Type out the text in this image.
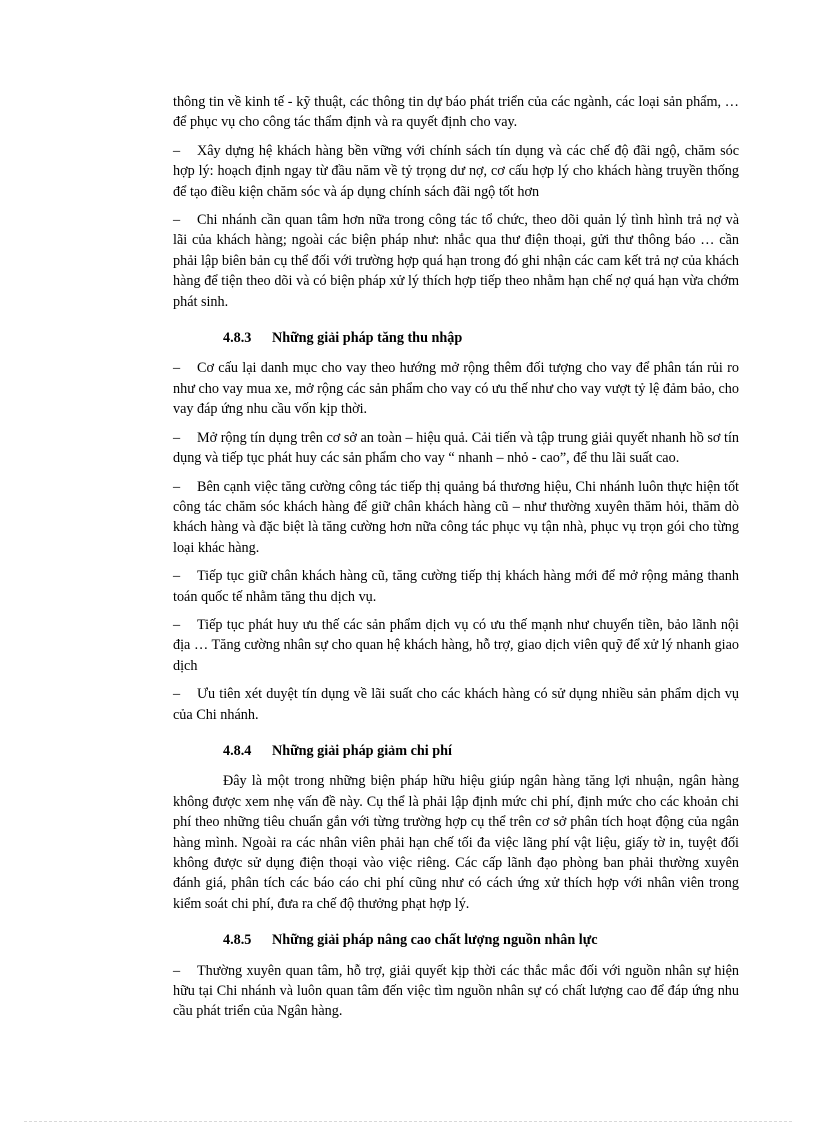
thông tin về kinh tế - kỹ thuật, các thông tin dự báo phát triển của các ngành, các loại sản phẩm, … để phục vụ cho công tác thẩm định và ra quyết định cho vay.

– Xây dựng hệ khách hàng bền vững với chính sách tín dụng và các chế độ đãi ngộ, chăm sóc hợp lý: hoạch định ngay từ đầu năm về tỷ trọng dư nợ, cơ cấu hợp lý cho khách hàng truyền thống để tạo điều kiện chăm sóc và áp dụng chính sách đãi ngộ tốt hơn

– Chi nhánh cần quan tâm hơn nữa trong công tác tổ chức, theo dõi quản lý tình hình trả nợ và lãi của khách hàng; ngoài các biện pháp như: nhắc qua thư điện thoại, gửi thư thông báo … cần phải lập biên bản cụ thể đối với trường hợp quá hạn trong đó ghi nhận các cam kết trả nợ của khách hàng để tiện theo dõi và có biện pháp xử lý thích hợp tiếp theo nhằm hạn chế nợ quá hạn vừa chớm phát sinh.

4.8.3 Những giải pháp tăng thu nhập

– Cơ cấu lại danh mục cho vay theo hướng mở rộng thêm đối tượng cho vay để phân tán rủi ro như cho vay mua xe, mở rộng các sản phẩm cho vay có ưu thế như cho vay vượt tỷ lệ đảm bảo, cho vay đáp ứng nhu cầu vốn kịp thời.

– Mở rộng tín dụng trên cơ sở an toàn – hiệu quả. Cải tiến và tập trung giải quyết nhanh hồ sơ tín dụng và tiếp tục phát huy các sản phẩm cho vay “ nhanh – nhỏ - cao”, để thu lãi suất cao.

– Bên cạnh việc tăng cường công tác tiếp thị quảng bá thương hiệu, Chi nhánh luôn thực hiện tốt công tác chăm sóc khách hàng để giữ chân khách hàng cũ – như thường xuyên thăm hỏi, thăm dò khách hàng và đặc biệt là tăng cường hơn nữa công tác phục vụ tận nhà, phục vụ trọn gói cho từng loại khác hàng.

– Tiếp tục giữ chân khách hàng cũ, tăng cường tiếp thị khách hàng mới để mở rộng mảng thanh toán quốc tế nhằm tăng thu dịch vụ.

– Tiếp tục phát huy ưu thế các sản phẩm dịch vụ có ưu thế mạnh như chuyển tiền, bảo lãnh nội địa … Tăng cường nhân sự cho quan hệ khách hàng, hỗ trợ, giao dịch viên quỹ để xử lý nhanh giao dịch

– Ưu tiên xét duyệt tín dụng về lãi suất cho các khách hàng có sử dụng nhiều sản phẩm dịch vụ của Chi nhánh.

4.8.4 Những giải pháp giảm chi phí

Đây là một trong những biện pháp hữu hiệu giúp ngân hàng tăng lợi nhuận, ngân hàng không được xem nhẹ vấn đề này. Cụ thể là phải lập định mức chi phí, định mức cho các khoản chi phí theo những tiêu chuẩn gắn với từng trường hợp cụ thể trên cơ sở phân tích hoạt động của ngân hàng mình. Ngoài ra các nhân viên phải hạn chế tối đa việc lãng phí vật liệu, giấy tờ in, tuyệt đối không được sử dụng điện thoại vào việc riêng. Các cấp lãnh đạo phòng ban phải thường xuyên đánh giá, phân tích các báo cáo chi phí cũng như có cách ứng xử thích hợp với nhân viên trong kiểm soát chi phí, đưa ra chế độ thưởng phạt hợp lý.

4.8.5 Những giải pháp nâng cao chất lượng nguồn nhân lực

– Thường xuyên quan tâm, hỗ trợ, giải quyết kịp thời các thắc mắc đối với nguồn nhân sự hiện hữu tại Chi nhánh và luôn quan tâm đến việc tìm nguồn nhân sự có chất lượng cao để đáp ứng nhu cầu phát triển của Ngân hàng.
